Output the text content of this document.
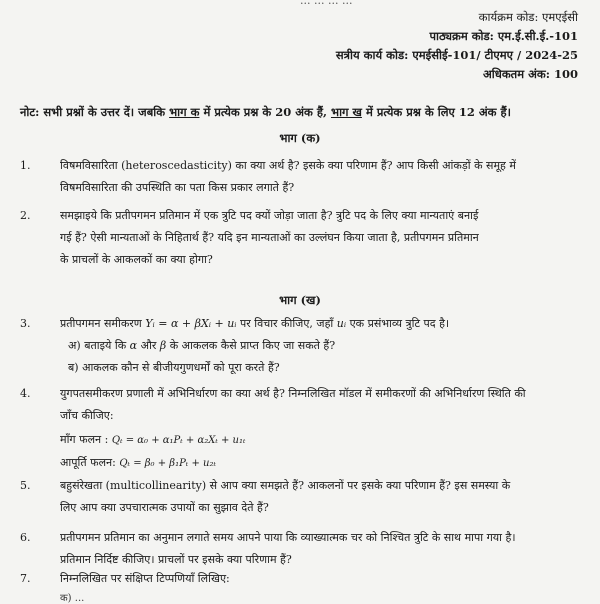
... ... ... ...
कार्यक्रम कोड: एमएईसी
पाठ्यक्रम कोड: एम.ई.सी.ई.-101
सत्रीय कार्य कोड: एमईसीई-101/ टीएमए / 2024-25
अधिकतम अंक: 100
नोट: सभी प्रश्नों के उत्तर दें। जबकि भाग क में प्रत्येक प्रश्न के 20 अंक हैं, भाग ख में प्रत्येक प्रश्न के लिए 12 अंक हैं।
भाग (क)
1.	विषमविसारिता (heteroscedasticity) का क्या अर्थ है? इसके क्या परिणाम हैं? आप किसी आंकड़ों के समूह में
विषमविसारिता की उपस्थिति का पता किस प्रकार लगाते हैं?
2.	समझाइये कि प्रतीपगमन प्रतिमान में एक त्रुटि पद क्यों जोड़ा जाता है? त्रुटि पद के लिए क्या मान्यताएं बनाई
गई हैं? ऐसी मान्यताओं के निहितार्थ हैं? यदि इन मान्यताओं का उल्लंघन किया जाता है, प्रतीपगमन प्रतिमान
के प्राचलों के आकलकों का क्या होगा?
भाग (ख)
3.	प्रतीपगमन समीकरण Yᵢ = α + βXᵢ + uᵢ पर विचार कीजिए, जहाँ uᵢ एक प्रसंभाव्य त्रुटि पद है।
अ) बताइये कि α और β के आकलक कैसे प्राप्त किए जा सकते हैं?
ब) आकलक कौन से बीजीयगुणधर्मों को पूरा करते हैं?
4.	युगपतसमीकरण प्रणाली में अभिनिर्धारण का क्या अर्थ है? निम्नलिखित मॉडल में समीकरणों की अभिनिर्धारण स्थिति की
जाँच कीजिए:
माँग फलन : Qₜ = α₀ + α₁Pₜ + α₂Xₜ + u₁ₜ
आपूर्ति फलन: Qₜ = β₀ + β₁Pₜ + u₂ₜ
5.	बहुसंरेखता (multicollinearity) से आप क्या समझते हैं? आकलनों पर इसके क्या परिणाम हैं? इस समस्या के
लिए आप क्या उपचारात्मक उपायों का सुझाव देते हैं?
6.	प्रतीपगमन प्रतिमान का अनुमान लगाते समय आपने पाया कि व्याख्यात्मक चर को निश्चित त्रुटि के साथ मापा गया है।
प्रतिमान निर्दिष्ट कीजिए। प्राचलों पर इसके क्या परिणाम हैं?
7.	निम्नलिखित पर संक्षिप्त टिप्पणियाँ लिखिए:
क) ...
